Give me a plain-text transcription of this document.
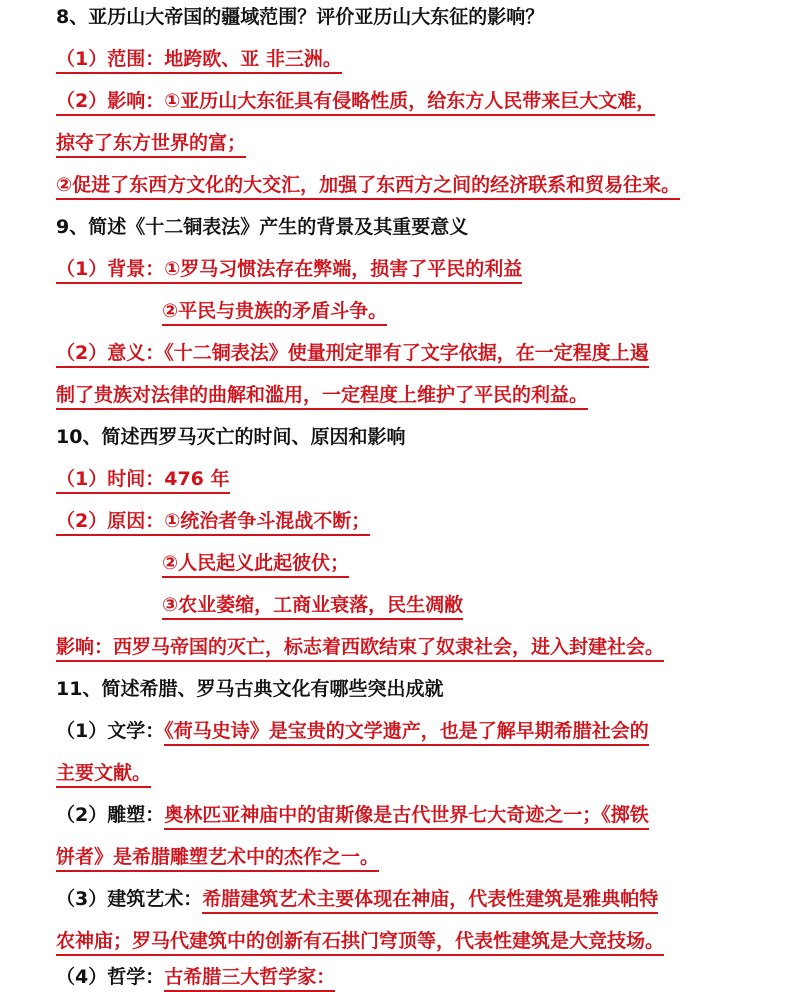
8、亚历山大帝国的疆域范围？评价亚历山大东征的影响？
（1）范围：地跨欧、亚 非三洲。
（2）影响：①亚历山大东征具有侵略性质，给东方人民带来巨大文难，
掠夺了东方世界的富；
②促进了东西方文化的大交汇，加强了东西方之间的经济联系和贸易往来。
9、简述《十二铜表法》产生的背景及其重要意义
（1）背景：①罗马习惯法存在弊端，损害了平民的利益
②平民与贵族的矛盾斗争。
（2）意义：《十二铜表法》使量刑定罪有了文字依据，在一定程度上遏
制了贵族对法律的曲解和滥用，一定程度上维护了平民的利益。
10、简述西罗马灭亡的时间、原因和影响
（1）时间：476 年
（2）原因：①统治者争斗混战不断；
②人民起义此起彼伏；
③农业萎缩，工商业衰落，民生凋敝
影响：西罗马帝国的灭亡，标志着西欧结束了奴隶社会，进入封建社会。
11、简述希腊、罗马古典文化有哪些突出成就
（1）文学：《荷马史诗》是宝贵的文学遗产，也是了解早期希腊社会的
主要文献。
（2）雕塑：奥林匹亚神庙中的宙斯像是古代世界七大奇迹之一；《掷铁
饼者》是希腊雕塑艺术中的杰作之一。
（3）建筑艺术：希腊建筑艺术主要体现在神庙，代表性建筑是雅典帕特
农神庙；罗马代建筑中的创新有石拱门穹顶等，代表性建筑是大竞技场。
（4）哲学：古希腊三大哲学家：
